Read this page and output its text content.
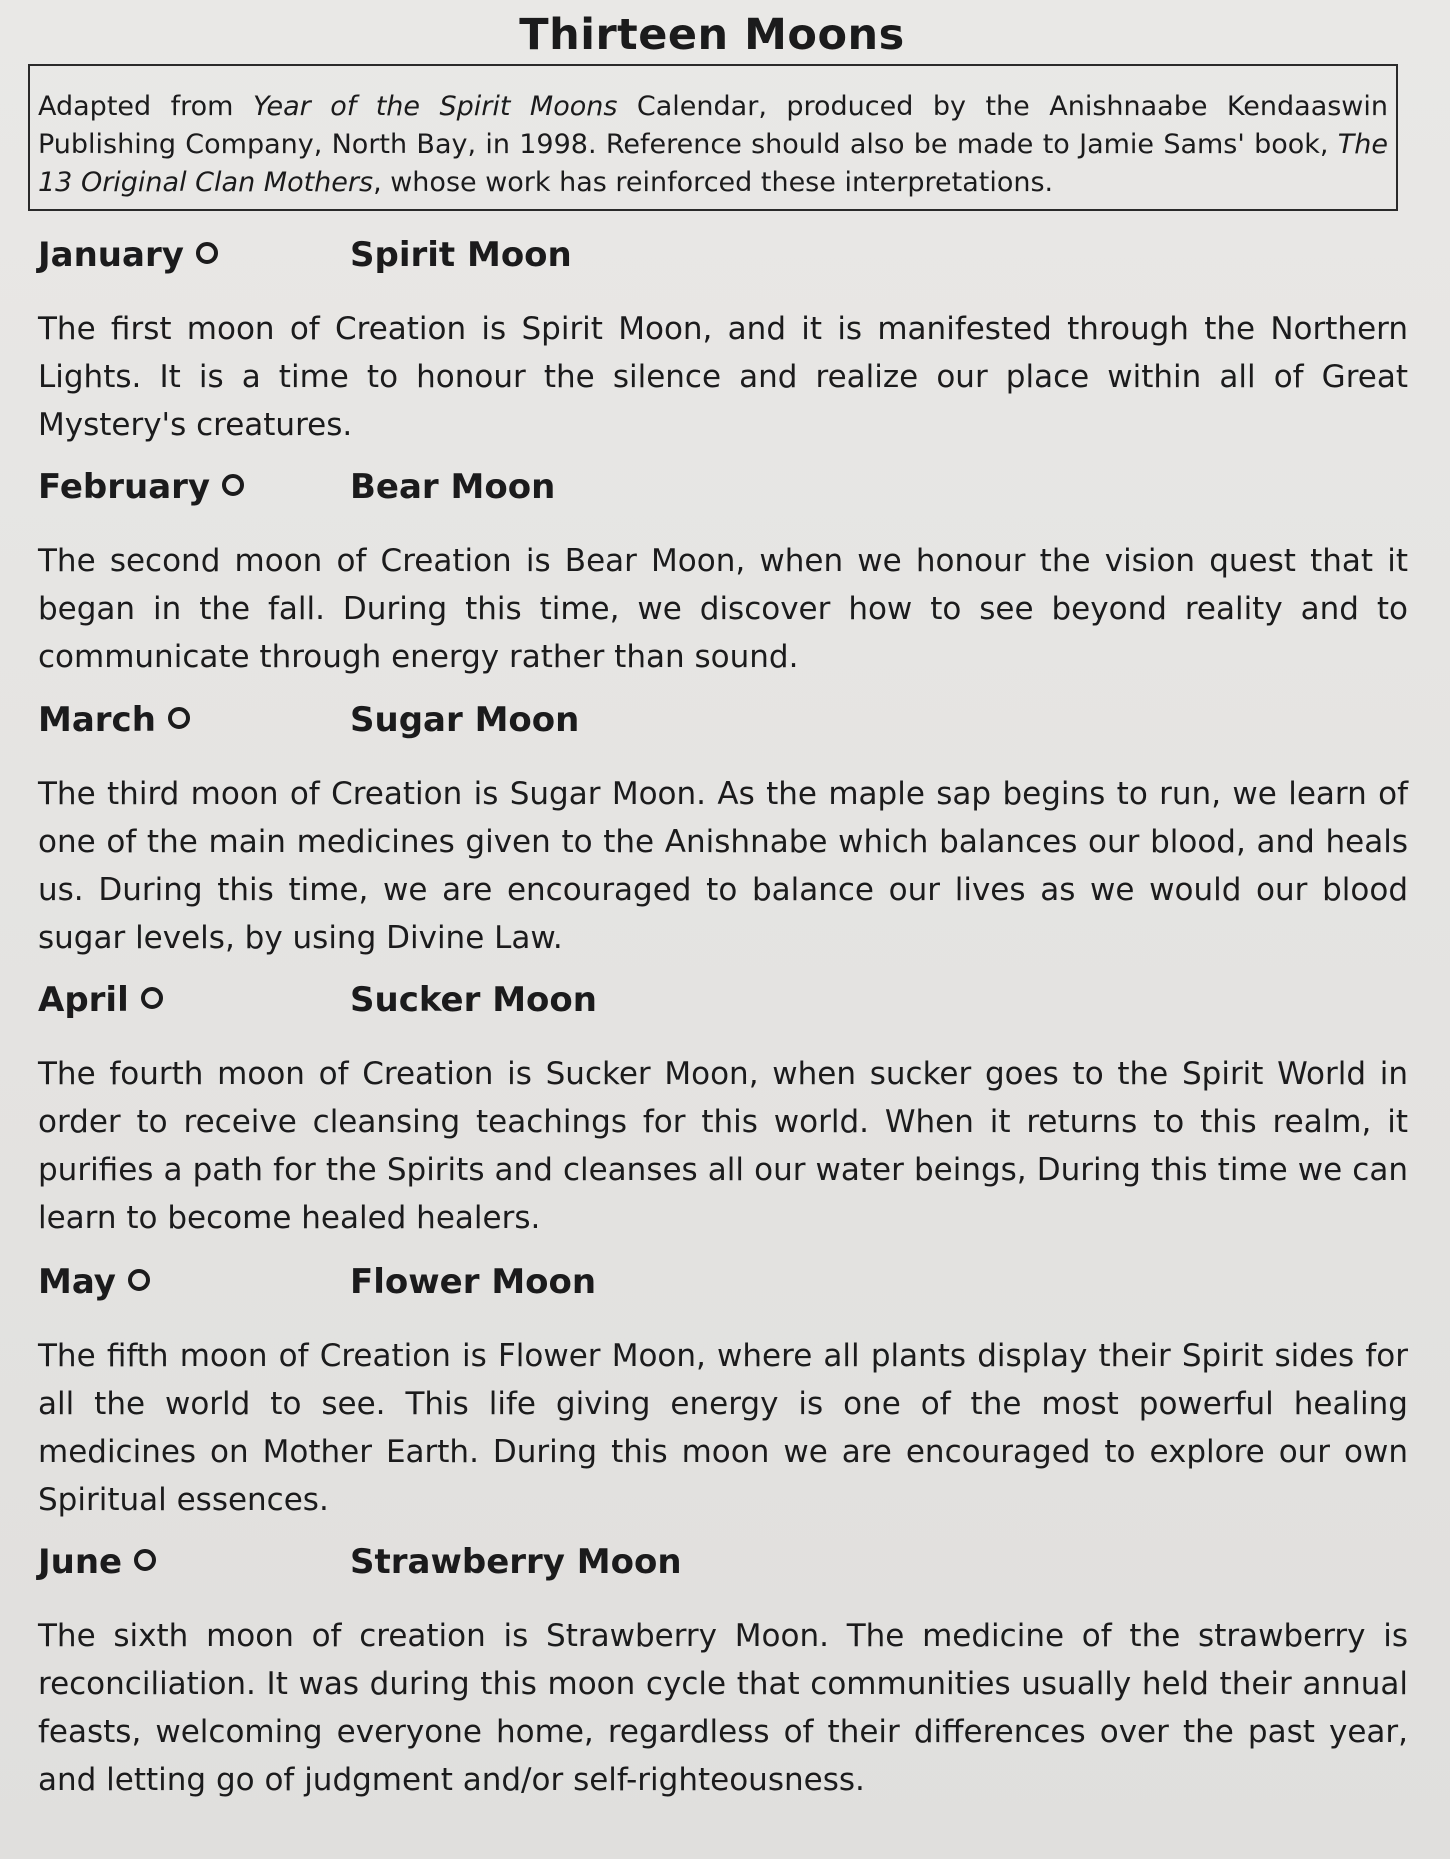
Thirteen Moons
Adapted from Year of the Spirit Moons Calendar, produced by the Anishnaabe Kendaaswin Publishing Company, North Bay, in 1998. Reference should also be made to Jamie Sams' book, The 13 Original Clan Mothers, whose work has reinforced these interpretations.
January	Spirit Moon
The first moon of Creation is Spirit Moon, and it is manifested through the Northern Lights. It is a time to honour the silence and realize our place within all of Great Mystery's creatures.
February	Bear Moon
The second moon of Creation is Bear Moon, when we honour the vision quest that it began in the fall. During this time, we discover how to see beyond reality and to communicate through energy rather than sound.
March	Sugar Moon
The third moon of Creation is Sugar Moon. As the maple sap begins to run, we learn of one of the main medicines given to the Anishnabe which balances our blood, and heals us. During this time, we are encouraged to balance our lives as we would our blood sugar levels, by using Divine Law.
April	Sucker Moon
The fourth moon of Creation is Sucker Moon, when sucker goes to the Spirit World in order to receive cleansing teachings for this world. When it returns to this realm, it purifies a path for the Spirits and cleanses all our water beings, During this time we can learn to become healed healers.
May	Flower Moon
The fifth moon of Creation is Flower Moon, where all plants display their Spirit sides for all the world to see. This life giving energy is one of the most powerful healing medicines on Mother Earth. During this moon we are encouraged to explore our own Spiritual essences.
June	Strawberry Moon
The sixth moon of creation is Strawberry Moon. The medicine of the strawberry is reconciliation. It was during this moon cycle that communities usually held their annual feasts, welcoming everyone home, regardless of their differences over the past year, and letting go of judgment and/or self-righteousness.
